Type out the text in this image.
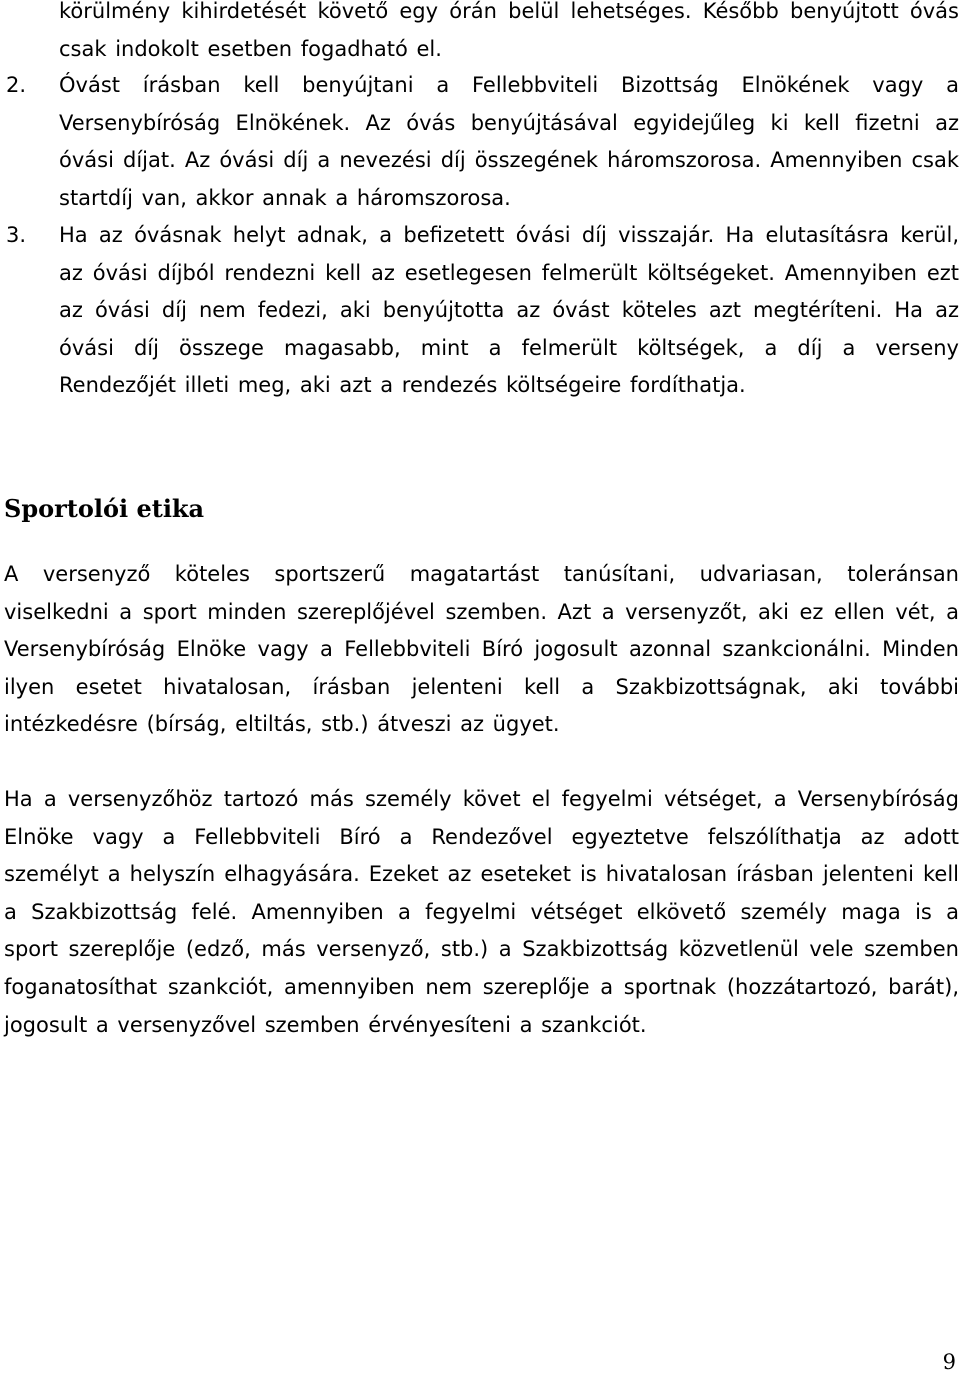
körülmény kihirdetését követő egy órán belül lehetséges. Később benyújtott óvás csak indokolt esetben fogadható el.
2. Óvást írásban kell benyújtani a Fellebbviteli Bizottság Elnökének vagy a Versenybíróság Elnökének. Az óvás benyújtásával egyidejűleg ki kell fizetni az óvási díjat. Az óvási díj a nevezési díj összegének háromszorosa. Amennyiben csak startdíj van, akkor annak a háromszorosa.
3. Ha az óvásnak helyt adnak, a befizetett óvási díj visszajár. Ha elutasításra kerül, az óvási díjból rendezni kell az esetlegesen felmerült költségeket. Amennyiben ezt az óvási díj nem fedezi, aki benyújtotta az óvást köteles azt megtéríteni. Ha az óvási díj összege magasabb, mint a felmerült költségek, a díj a verseny Rendezőjét illeti meg, aki azt a rendezés költségeire fordíthatja.
Sportolói etika

A versenyző köteles sportszerű magatartást tanúsítani, udvariasan, toleránsan viselkedni a sport minden szereplőjével szemben. Azt a versenyzőt, aki ez ellen vét, a Versenybíróság Elnöke vagy a Fellebbviteli Bíró jogosult azonnal szankcionálni. Minden ilyen esetet hivatalosan, írásban jelenteni kell a Szakbizottságnak, aki további intézkedésre (bírság, eltiltás, stb.) átveszi az ügyet.

Ha a versenyzőhöz tartozó más személy követ el fegyelmi vétséget, a Versenybíróság Elnöke vagy a Fellebbviteli Bíró a Rendezővel egyeztetve felszólíthatja az adott személyt a helyszín elhagyására. Ezeket az eseteket is hivatalosan írásban jelenteni kell a Szakbizottság felé. Amennyiben a fegyelmi vétséget elkövető személy maga is a sport szereplője (edző, más versenyző, stb.) a Szakbizottság közvetlenül vele szemben foganatosíthat szankciót, amennyiben nem szereplője a sportnak (hozzátartozó, barát), jogosult a versenyzővel szemben érvényesíteni a szankciót.

9
